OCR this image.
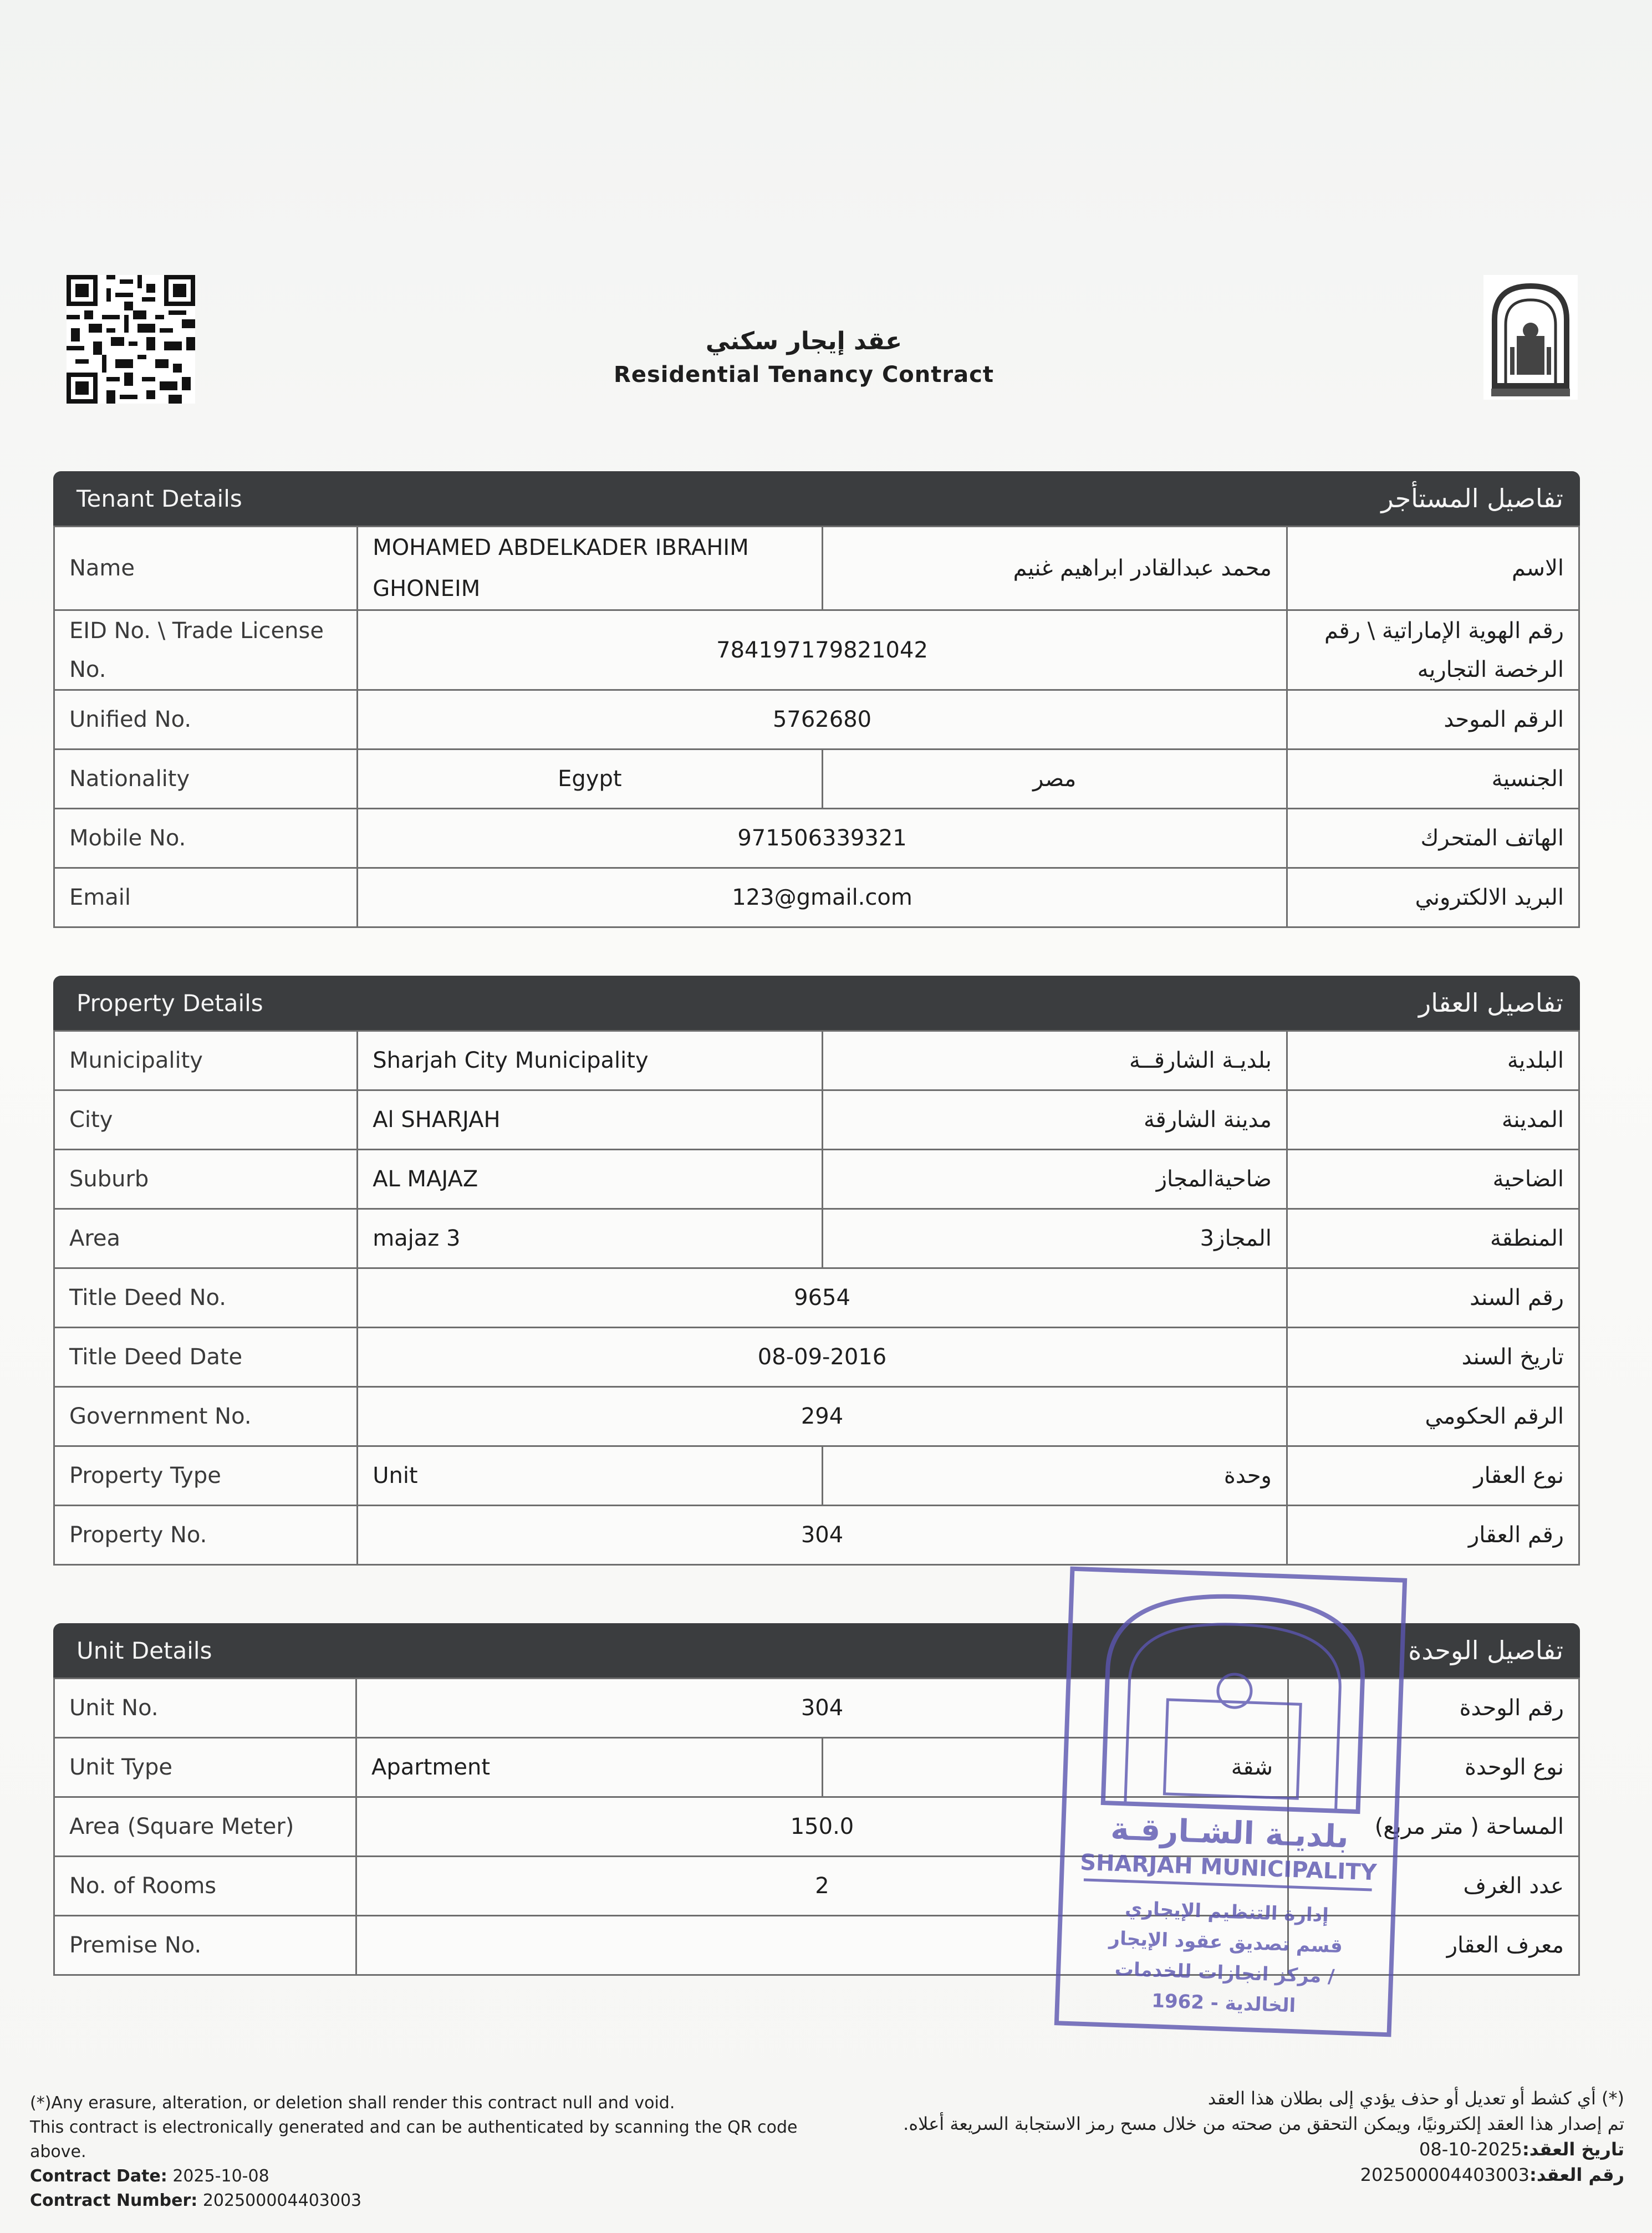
عقد إيجار سكني
Residential Tenancy Contract
Tenant Details	تفاصيل المستأجر
Name	MOHAMED ABDELKADER IBRAHIM GHONEIM	محمد عبدالقادر ابراهيم غنيم	الاسم
EID No. \ Trade License No.	784197179821042		رقم الهوية الإماراتية \ رقم الرخصة التجاريه
Unified No.	5762680		الرقم الموحد
Nationality	Egypt	مصر	الجنسية
Mobile No.	971506339321		الهاتف المتحرك
Email	123@gmail.com		البريد الالكتروني
Property Details	تفاصيل العقار
Municipality	Sharjah City Municipality	بلديـة الشارقــة	البلدية
City	Al SHARJAH	مدينة الشارقة	المدينة
Suburb	AL MAJAZ	ضاحيةالمجاز	الضاحية
Area	majaz 3	المجاز3	المنطقة
Title Deed No.	9654		رقم السند
Title Deed Date	08-09-2016		تاريخ السند
Government No.	294		الرقم الحكومي
Property Type	Unit	وحدة	نوع العقار
Property No.	304		رقم العقار
Unit Details	تفاصيل الوحدة
Unit No.	304		رقم الوحدة
Unit Type	Apartment	شقة	نوع الوحدة
Area (Square Meter)	150.0		المساحة ( متر مربع)
No. of Rooms	2		عدد الغرف
Premise No.			معرف العقار
بلديـة الشـارقـة
SHARJAH MUNICIPALITY
إدارة التنظيم الإيجاري
قسم تصديق عقود الإيجار
مركز انجازات للخدمات /
الخالدية - 1962
(*)Any erasure, alteration, or deletion shall render this contract null and void.
This contract is electronically generated and can be authenticated by scanning the QR code above.
Contract Date: 2025-10-08
Contract Number: 202500004403003
(*) أي كشط أو تعديل أو حذف يؤدي إلى بطلان هذا العقد
تم إصدار هذا العقد إلكترونيًا، ويمكن التحقق من صحته من خلال مسح رمز الاستجابة السريعة أعلاه.
تاريخ العقد:2025-10-08
رقم العقد:202500004403003
